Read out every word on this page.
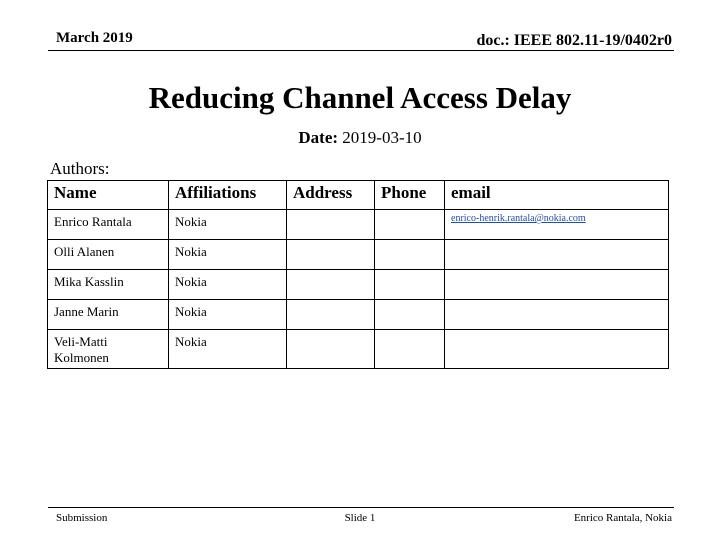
March 2019	doc.: IEEE 802.11-19/0402r0
Reducing Channel Access Delay
Date: 2019-03-10
Authors:
Name	Affiliations	Address	Phone	email
Enrico Rantala	Nokia			enrico-henrik.rantala@nokia.com
Olli Alanen	Nokia			
Mika Kasslin	Nokia			
Janne Marin	Nokia			
Veli-Matti Kolmonen	Nokia			
Submission	Slide 1	Enrico Rantala, Nokia
